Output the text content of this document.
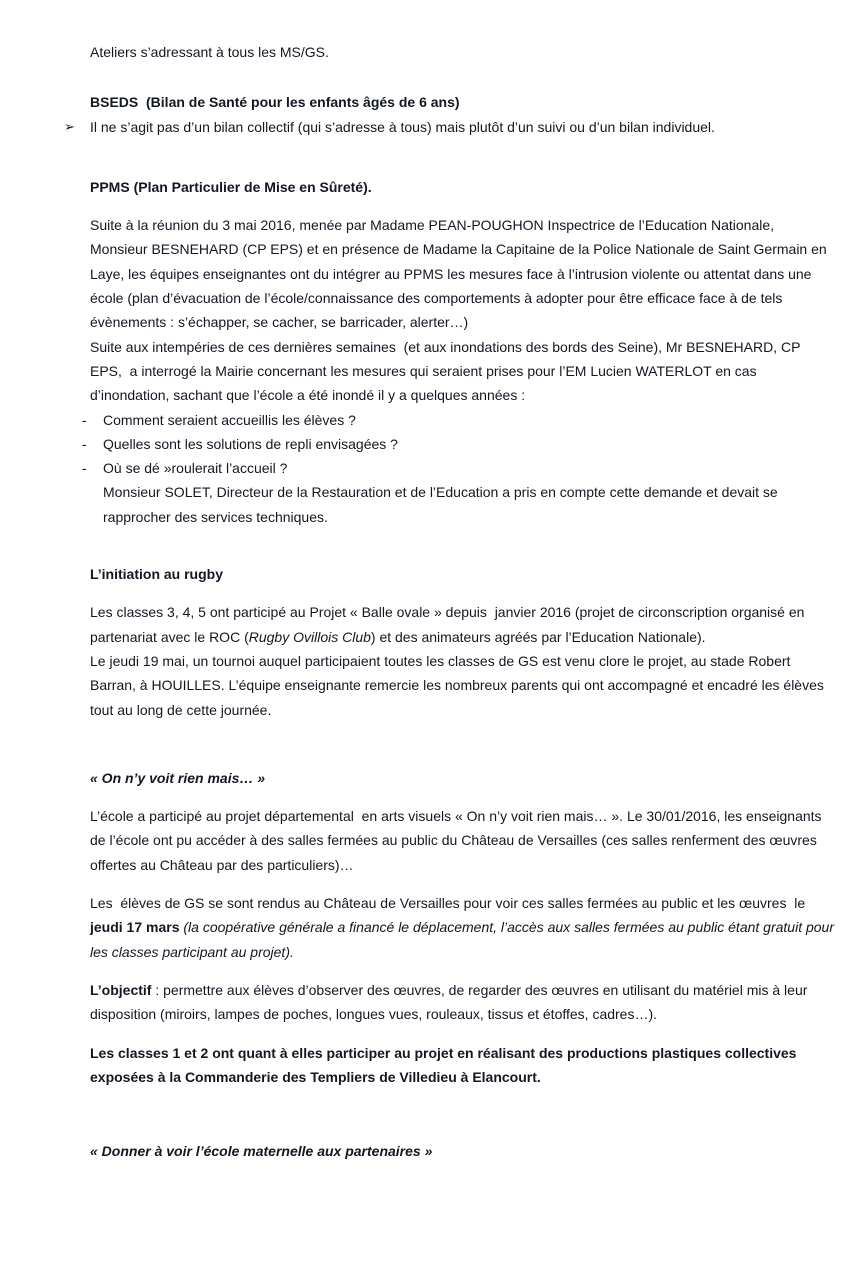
Ateliers s’adressant à tous les MS/GS.

BSEDS  (Bilan de Santé pour les enfants âgés de 6 ans)
➢ Il ne s’agit pas d’un bilan collectif (qui s’adresse à tous) mais plutôt d’un suivi ou d’un bilan individuel.
PPMS (Plan Particulier de Mise en Sûreté).

Suite à la réunion du 3 mai 2016, menée par Madame PEAN-POUGHON Inspectrice de l’Education Nationale, Monsieur BESNEHARD (CP EPS) et en présence de Madame la Capitaine de la Police Nationale de Saint Germain en Laye, les équipes enseignantes ont du intégrer au PPMS les mesures face à l’intrusion violente ou attentat dans une école (plan d’évacuation de l’école/connaissance des comportements à adopter pour être efficace face à de tels évènements : s’échapper, se cacher, se barricader, alerter…)

Suite aux intempéries de ces dernières semaines  (et aux inondations des bords des Seine), Mr BESNEHARD, CP EPS,  a interrogé la Mairie concernant les mesures qui seraient prises pour l’EM Lucien WATERLOT en cas d’inondation, sachant que l’école a été inondé il y a quelques années :

- Comment seraient accueillis les élèves ?
- Quelles sont les solutions de repli envisagées ?
- Où se dé »roulerait l’accueil ?

Monsieur SOLET, Directeur de la Restauration et de l’Education a pris en compte cette demande et devait se rapprocher des services techniques.

L’initiation au rugby

Les classes 3, 4, 5 ont participé au Projet « Balle ovale » depuis  janvier 2016 (projet de circonscription organisé en partenariat avec le ROC (Rugby Ovillois Club) et des animateurs agréés par l’Education Nationale).

Le jeudi 19 mai, un tournoi auquel participaient toutes les classes de GS est venu clore le projet, au stade Robert Barran, à HOUILLES. L’équipe enseignante remercie les nombreux parents qui ont accompagné et encadré les élèves tout au long de cette journée.

« On n’y voit rien mais… »

L’école a participé au projet départemental  en arts visuels « On n’y voit rien mais… ». Le 30/01/2016, les enseignants de l’école ont pu accéder à des salles fermées au public du Château de Versailles (ces salles renferment des œuvres offertes au Château par des particuliers)…

Les  élèves de GS se sont rendus au Château de Versailles pour voir ces salles fermées au public et les œuvres  le jeudi 17 mars (la coopérative générale a financé le déplacement, l’accès aux salles fermées au public étant gratuit pour les classes participant au projet).

L’objectif : permettre aux élèves d’observer des œuvres, de regarder des œuvres en utilisant du matériel mis à leur disposition (miroirs, lampes de poches, longues vues, rouleaux, tissus et étoffes, cadres…).

Les classes 1 et 2 ont quant à elles participer au projet en réalisant des productions plastiques collectives exposées à la Commanderie des Templiers de Villedieu à Elancourt.

« Donner à voir l’école maternelle aux partenaires »
